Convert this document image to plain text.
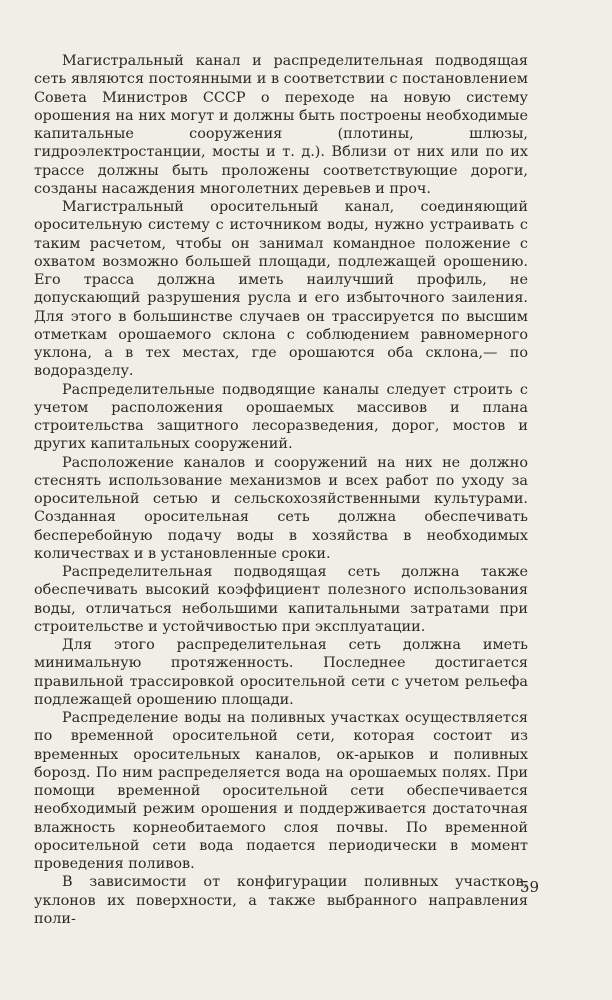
Магистральный канал и распределительная подводящая сеть являются постоянными и в соответствии с постановлением Совета Министров СССР о переходе на новую систему орошения на них могут и должны быть построены необходимые капитальные сооружения (плотины, шлюзы, гидроэлектростанции, мосты и т. д.). Вблизи от них или по их трассе должны быть проложены соответствующие дороги, созданы насаждения многолетних деревьев и проч.

Магистральный оросительный канал, соединяющий оросительную систему с источником воды, нужно устраивать с таким расчетом, чтобы он занимал командное положение с охватом возможно большей площади, подлежащей орошению. Его трасса должна иметь наилучший профиль, не допускающий разрушения русла и его избыточного заиления. Для этого в большинстве случаев он трассируется по высшим отметкам орошаемого склона с соблюдением равномерного уклона, а в тех местах, где орошаются оба склона,— по водоразделу.

Распределительные подводящие каналы следует строить с учетом расположения орошаемых массивов и плана строительства защитного лесоразведения, дорог, мостов и других капитальных сооружений.

Расположение каналов и сооружений на них не должно стеснять использование механизмов и всех работ по уходу за оросительной сетью и сельскохозяйственными культурами. Созданная оросительная сеть должна обеспечивать бесперебойную подачу воды в хозяйства в необходимых количествах и в установленные сроки.

Распределительная подводящая сеть должна также обеспечивать высокий коэффициент полезного использования воды, отличаться небольшими капитальными затратами при строительстве и устойчивостью при эксплуатации.

Для этого распределительная сеть должна иметь минимальную протяженность. Последнее достигается правильной трассировкой оросительной сети с учетом рельефа подлежащей орошению площади.

Распределение воды на поливных участках осуществляется по временной оросительной сети, которая состоит из временных оросительных каналов, ок-арыков и поливных борозд. По ним распределяется вода на орошаемых полях. При помощи временной оросительной сети обеспечивается необходимый режим орошения и поддерживается достаточная влажность корнеобитаемого слоя почвы. По временной оросительной сети вода подается периодически в момент проведения поливов.

В зависимости от конфигурации поливных участков, уклонов их поверхности, а также выбранного направления поли-

59
